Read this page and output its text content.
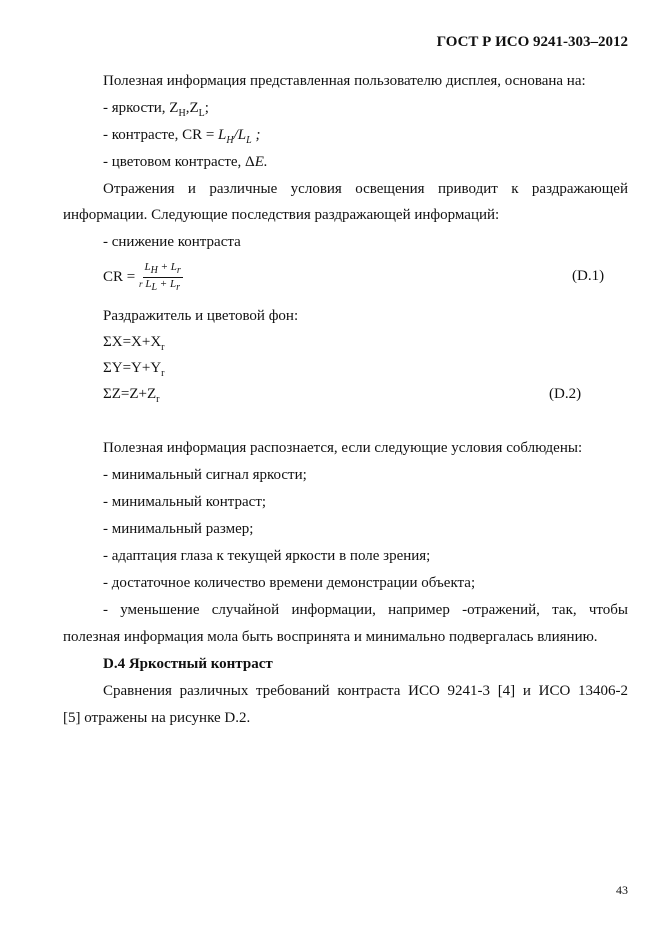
ГОСТ Р ИСО 9241-303–2012
Полезная информация представленная пользователю дисплея, основана на:
- яркости, $Z_H,Z_L$;
- контрасте, CR = $L_H/L_L$ ;
- цветовом контрасте, ΔE.
Отражения и различные условия освещения приводит к раздражающей
информации. Следующие последствия раздражающей информаций:
- снижение контраста
CR = $_r \frac{L_H + L_r}{L_L + L_r}$	(D.1)
Раздражитель и цветовой фон:
$\Sigma X=X+X_r$
$\Sigma Y=Y+Y_r$
$\Sigma Z=Z+Z_r$	(D.2)
Полезная информация распознается, если следующие условия соблюдены:
- минимальный сигнал яркости;
- минимальный контраст;
- минимальный размер;
- адаптация глаза к текущей яркости в поле зрения;
- достаточное количество времени демонстрации объекта;
- уменьшение случайной информации, например -отражений, так, чтобы
полезная информация мола быть воспринята и минимально подвергалась влиянию.
D.4 Яркостный контраст
Сравнения различных требований контраста ИСО 9241-3 [4] и ИСО 13406-2
[5] отражены на рисунке D.2.
43
